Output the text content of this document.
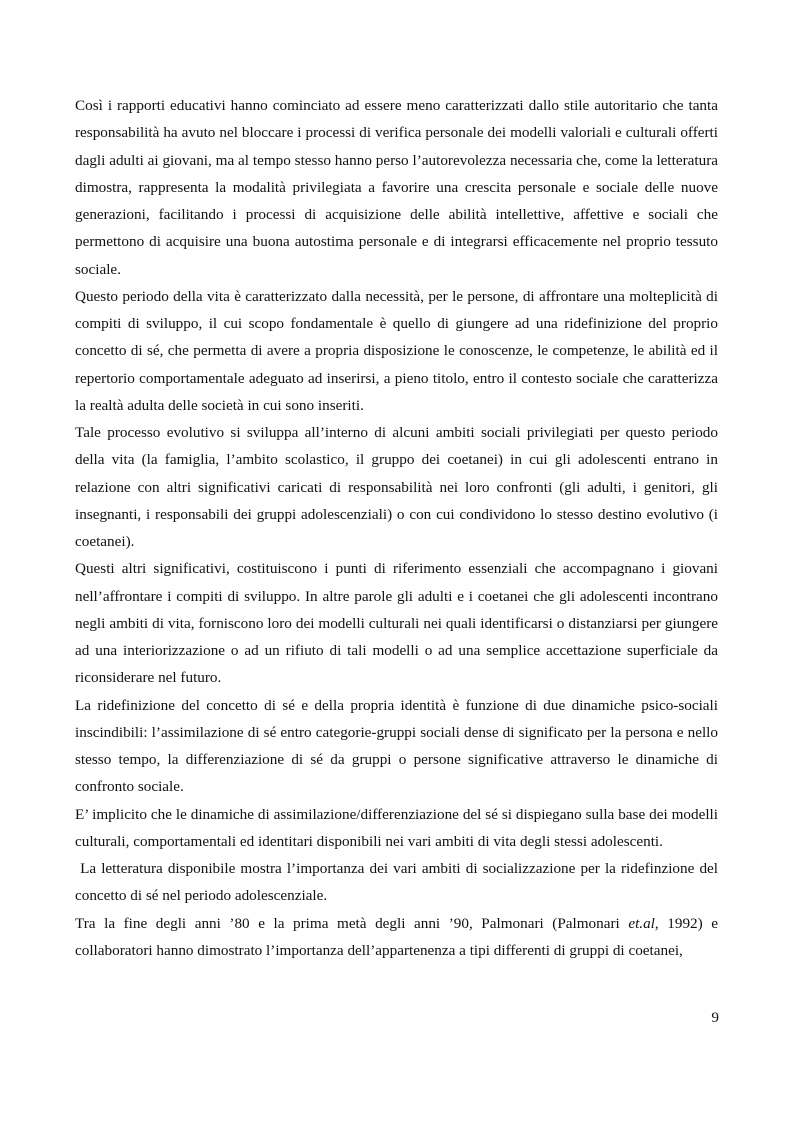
Così i rapporti educativi hanno cominciato ad essere meno caratterizzati dallo stile autoritario che tanta responsabilità ha avuto nel bloccare i processi di verifica personale dei modelli valoriali e culturali offerti dagli adulti ai giovani, ma al tempo stesso hanno perso l’autorevolezza necessaria che, come la letteratura dimostra, rappresenta la modalità privilegiata a favorire una crescita personale e sociale delle nuove generazioni, facilitando i processi di acquisizione delle abilità intellettive, affettive e sociali che permettono di acquisire una buona autostima personale e di integrarsi efficacemente nel proprio tessuto sociale.

Questo periodo della vita è caratterizzato dalla necessità, per le persone, di affrontare una molteplicità di compiti di sviluppo, il cui scopo fondamentale è quello di giungere ad una ridefinizione del proprio concetto di sé, che permetta di avere a propria disposizione le conoscenze, le competenze, le abilità ed il repertorio comportamentale adeguato ad inserirsi, a pieno titolo, entro il contesto sociale che caratterizza la realtà adulta delle società in cui sono inseriti.

Tale processo evolutivo si sviluppa all’interno di alcuni ambiti sociali privilegiati per questo periodo della vita (la famiglia, l’ambito scolastico, il gruppo dei coetanei) in cui gli adolescenti entrano in relazione con altri significativi caricati di responsabilità nei loro confronti (gli adulti, i genitori, gli insegnanti, i responsabili dei gruppi adolescenziali) o con cui condividono lo stesso destino evolutivo (i coetanei).

Questi altri significativi, costituiscono i punti di riferimento essenziali che accompagnano i giovani nell’affrontare i compiti di sviluppo. In altre parole gli adulti e i coetanei che gli adolescenti incontrano negli ambiti di vita, forniscono loro dei modelli culturali nei quali identificarsi o distanziarsi per giungere ad una interiorizzazione o ad un rifiuto di tali modelli o ad una semplice accettazione superficiale da riconsiderare nel futuro.

La ridefinizione del concetto di sé e della propria identità è funzione di due dinamiche psico-sociali inscindibili: l’assimilazione di sé entro categorie-gruppi sociali dense di significato per la persona e nello stesso tempo, la differenziazione di sé da gruppi o persone significative attraverso le dinamiche di confronto sociale.

E’ implicito che le dinamiche di assimilazione/differenziazione del sé si dispiegano sulla base dei modelli culturali, comportamentali ed identitari disponibili nei vari ambiti di vita degli stessi adolescenti.

La letteratura disponibile mostra l’importanza dei vari ambiti di socializzazione per la ridefinzione del concetto di sé nel periodo adolescenziale.

Tra la fine degli anni ’80 e la prima metà degli anni ’90, Palmonari (Palmonari et.al, 1992) e collaboratori hanno dimostrato l’importanza dell’appartenenza a tipi differenti di gruppi di coetanei,

9
